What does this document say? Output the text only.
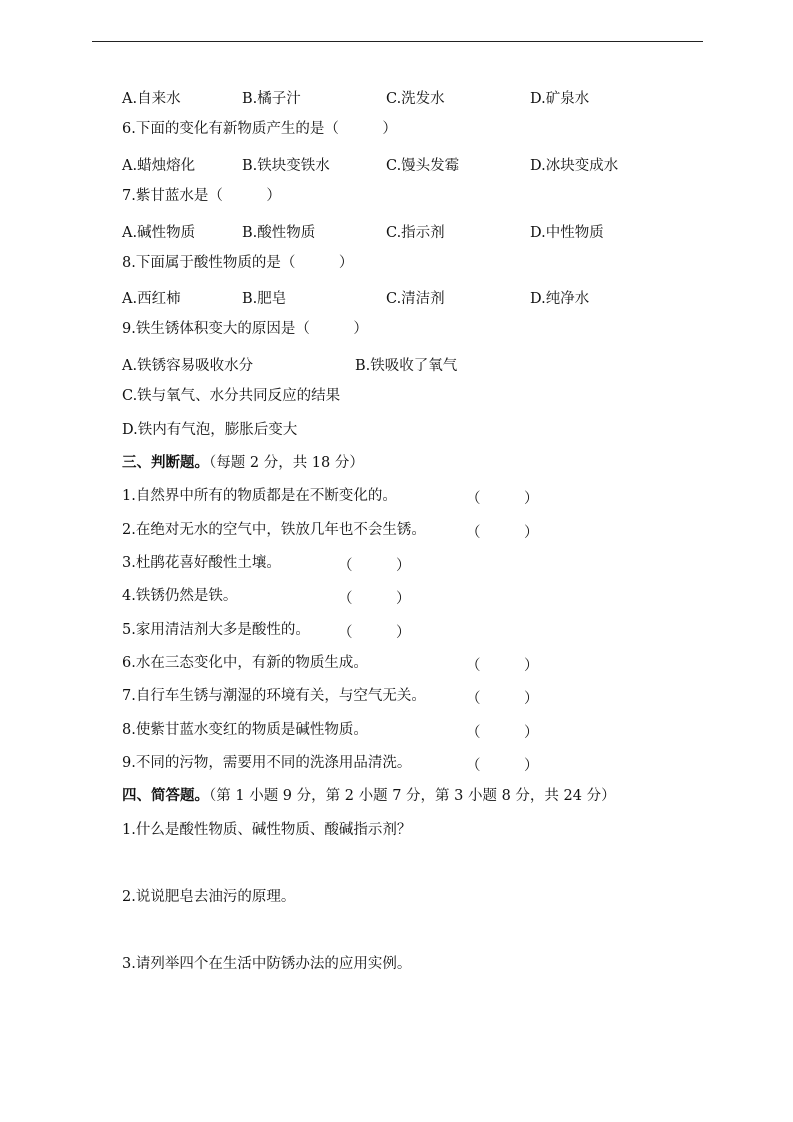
A.自来水	B.橘子汁	C.洗发水	D.矿泉水
6.下面的变化有新物质产生的是（　　　）
A.蜡烛熔化	B.铁块变铁水	C.馒头发霉	D.冰块变成水
7.紫甘蓝水是（　　　）
A.碱性物质	B.酸性物质	C.指示剂	D.中性物质
8.下面属于酸性物质的是（　　　）
A.西红柿	B.肥皂	C.清洁剂	D.纯净水
9.铁生锈体积变大的原因是（　　　）
A.铁锈容易吸收水分	B.铁吸收了氧气
C.铁与氧气、水分共同反应的结果
D.铁内有气泡，膨胀后变大
三、判断题。（每题 2 分，共 18 分）
1.自然界中所有的物质都是在不断变化的。	（　　　）
2.在绝对无水的空气中，铁放几年也不会生锈。	（　　　）
3.杜鹃花喜好酸性土壤。	（　　　）
4.铁锈仍然是铁。	（　　　）
5.家用清洁剂大多是酸性的。 （　　　）
6.水在三态变化中，有新的物质生成。	（　　　）
7.自行车生锈与潮湿的环境有关，与空气无关。	（　　　）
8.使紫甘蓝水变红的物质是碱性物质。	（　　　）
9.不同的污物，需要用不同的洗涤用品清洗。	（　　　）
四、简答题。（第 1 小题 9 分，第 2 小题 7 分，第 3 小题 8 分，共 24 分）
1.什么是酸性物质、碱性物质、酸碱指示剂？
2.说说肥皂去油污的原理。
3.请列举四个在生活中防锈办法的应用实例。
